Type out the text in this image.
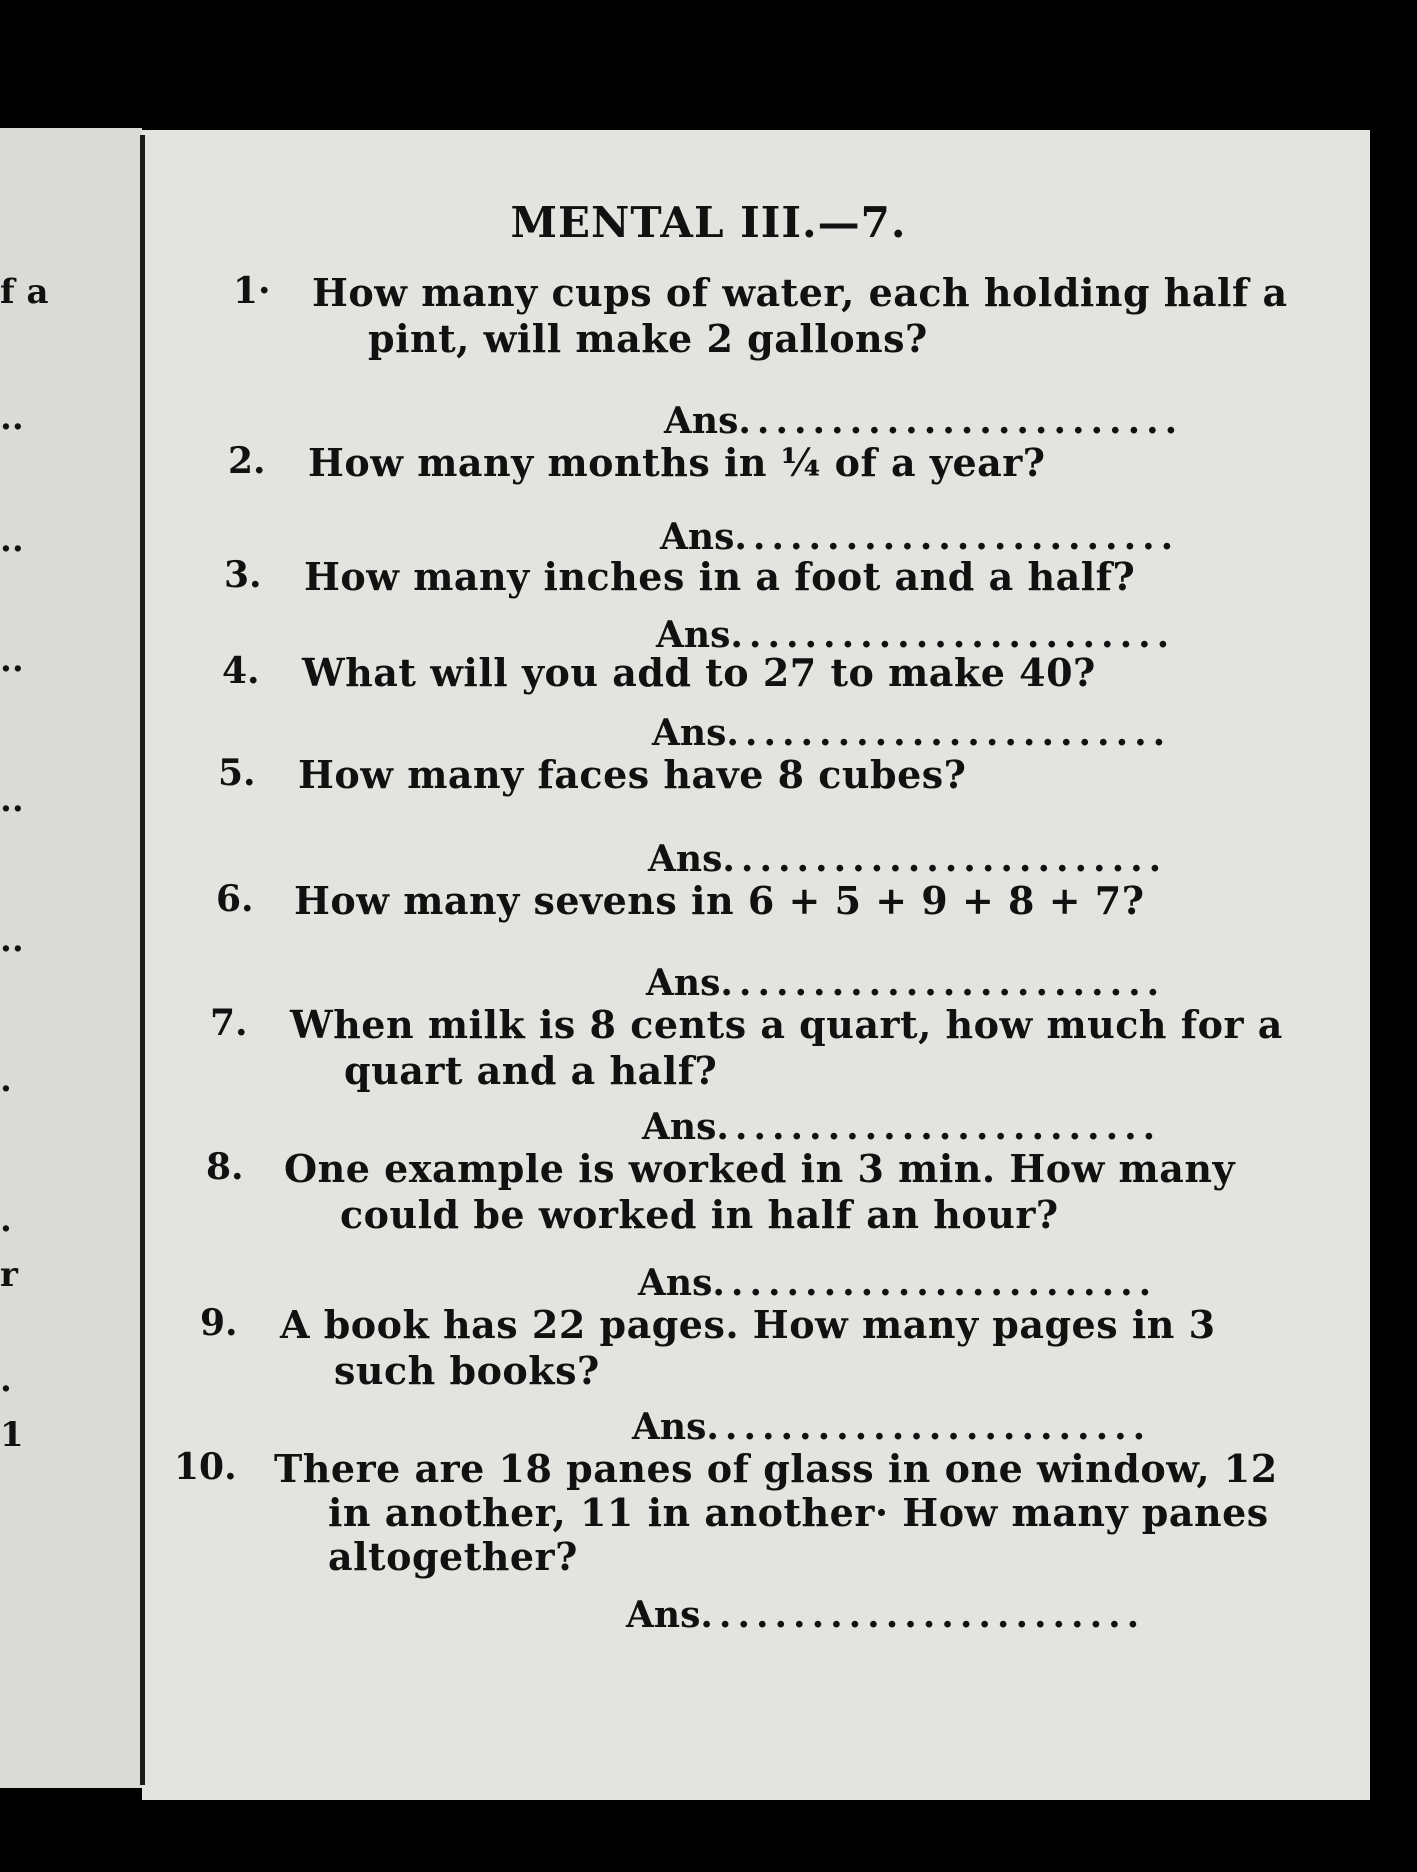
f a
..
..
..
..
..
.
.
r
.
1
MENTAL III.—7.
1· How many cups of water, each holding half a
pint, will make 2 gallons?
Ans........................
2. How many months in ¼ of a year?
Ans........................
3. How many inches in a foot and a half?
Ans........................
4. What will you add to 27 to make 40?
Ans........................
5. How many faces have 8 cubes?
Ans........................
6. How many sevens in 6 + 5 + 9 + 8 + 7?
Ans........................
7. When milk is 8 cents a quart, how much for a
quart and a half?
Ans........................
8. One example is worked in 3 min. How many
could be worked in half an hour?
Ans........................
9. A book has 22 pages. How many pages in 3
such books?
Ans........................
10. There are 18 panes of glass in one window, 12
in another, 11 in another· How many panes
altogether?
Ans........................
